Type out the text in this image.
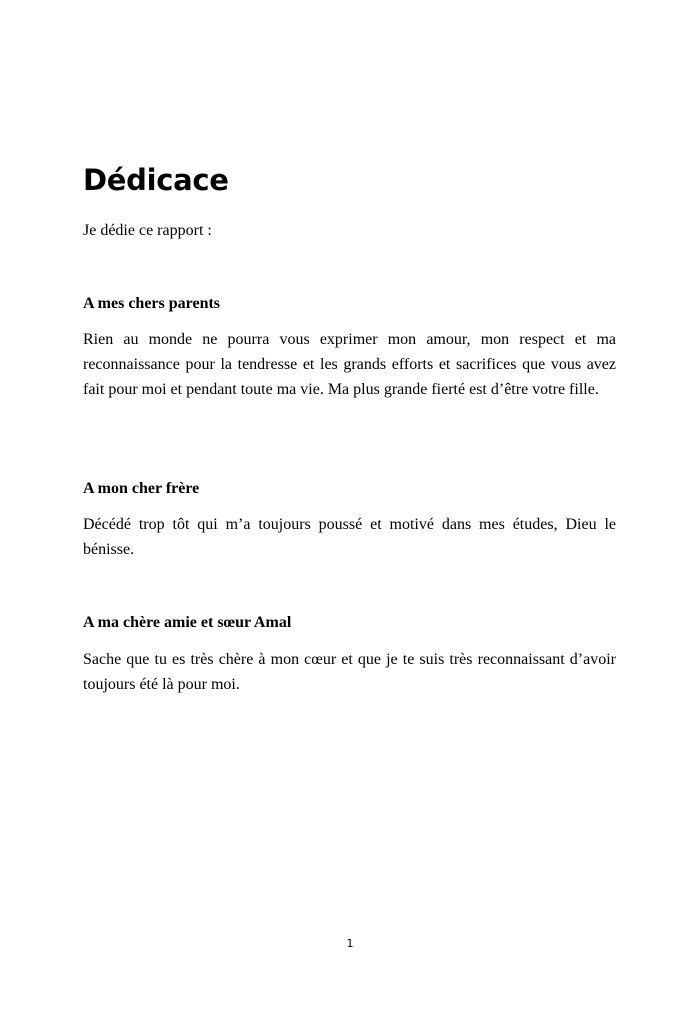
Dédicace

Je dédie ce rapport :

A mes chers parents

Rien au monde ne pourra vous exprimer mon amour, mon respect et ma reconnaissance pour la tendresse et les grands efforts et sacrifices que vous avez fait pour moi et pendant toute ma vie. Ma plus grande fierté est d’être votre fille.

A mon cher frère

Décédé trop tôt qui m’a toujours poussé et motivé dans mes études, Dieu le bénisse.

A ma chère amie et sœur Amal

Sache que tu es très chère à mon cœur et que je te suis très reconnaissant d’avoir toujours été là pour moi.

1
